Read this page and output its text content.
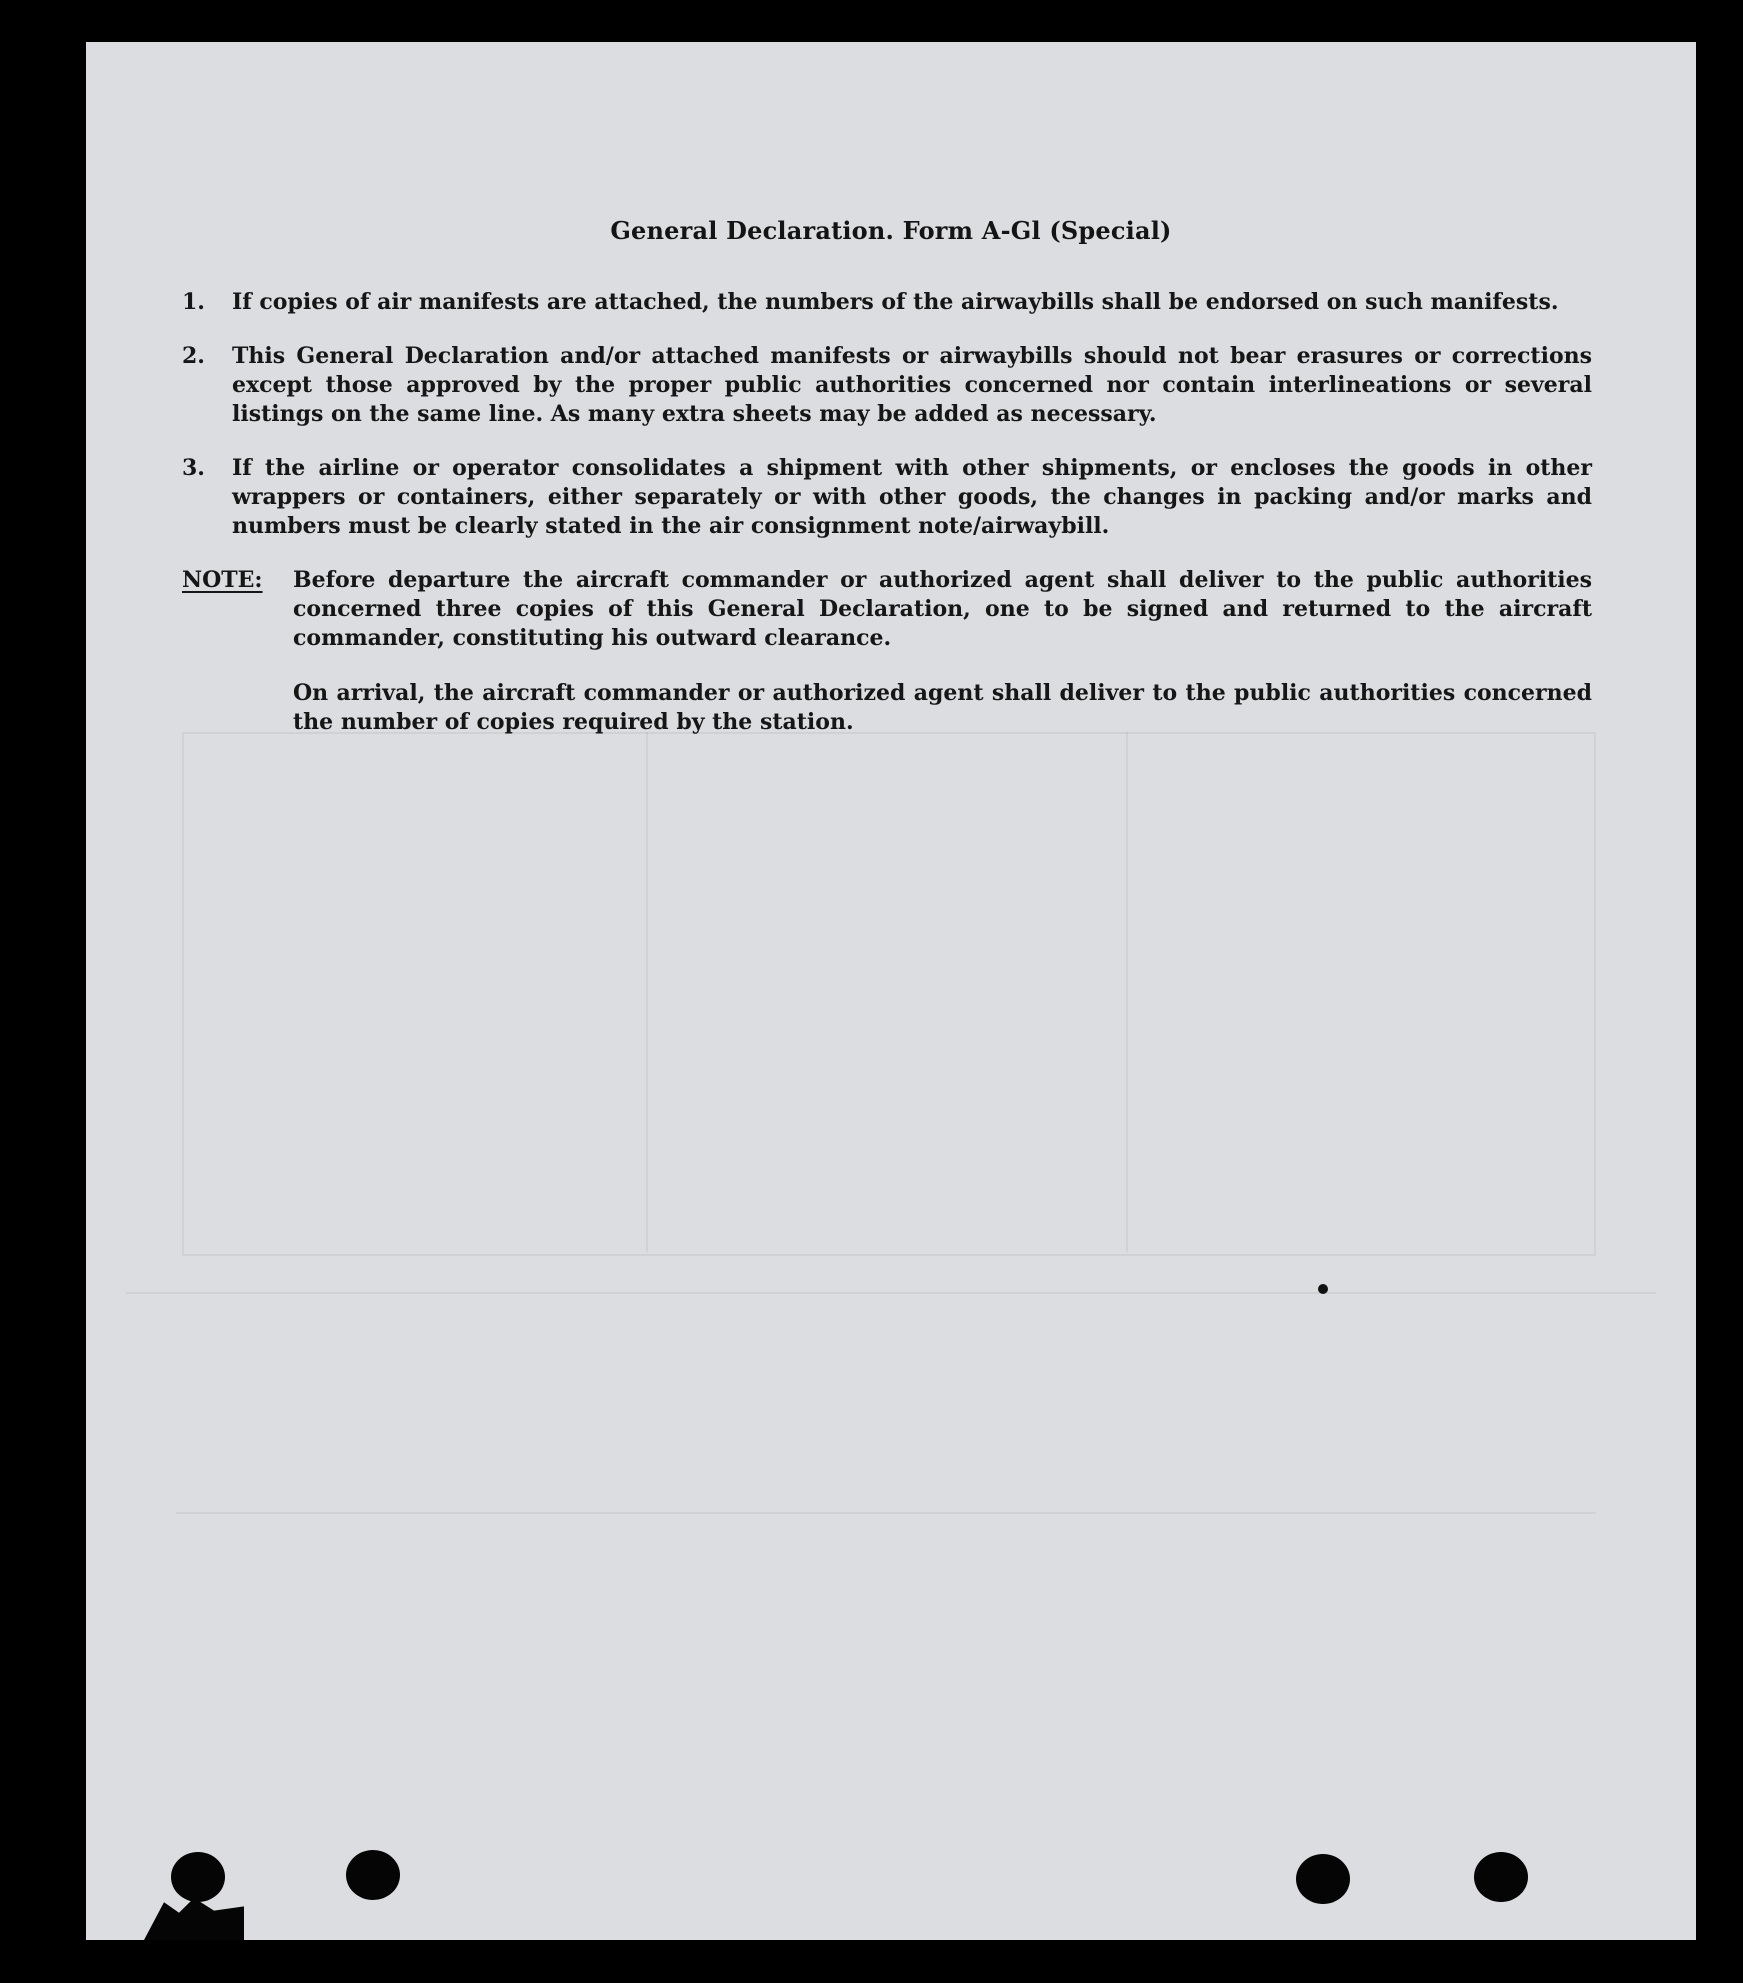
General Declaration. Form A-Gl (Special)
1.	If copies of air manifests are attached, the numbers of the airwaybills shall be endorsed on such manifests.
2.	This General Declaration and/or attached manifests or airwaybills should not bear erasures or corrections except those approved by the proper public authorities concerned nor contain interlineations or several listings on the same line. As many extra sheets may be added as necessary.
3.	If the airline or operator consolidates a shipment with other shipments, or encloses the goods in other wrappers or containers, either separately or with other goods, the changes in packing and/or marks and numbers must be clearly stated in the air consignment note/airwaybill.
NOTE: Before departure the aircraft commander or authorized agent shall deliver to the public authorities concerned three copies of this General Declaration, one to be signed and returned to the aircraft commander, constituting his outward clearance.
On arrival, the aircraft commander or authorized agent shall deliver to the public authorities concerned the number of copies required by the station.
